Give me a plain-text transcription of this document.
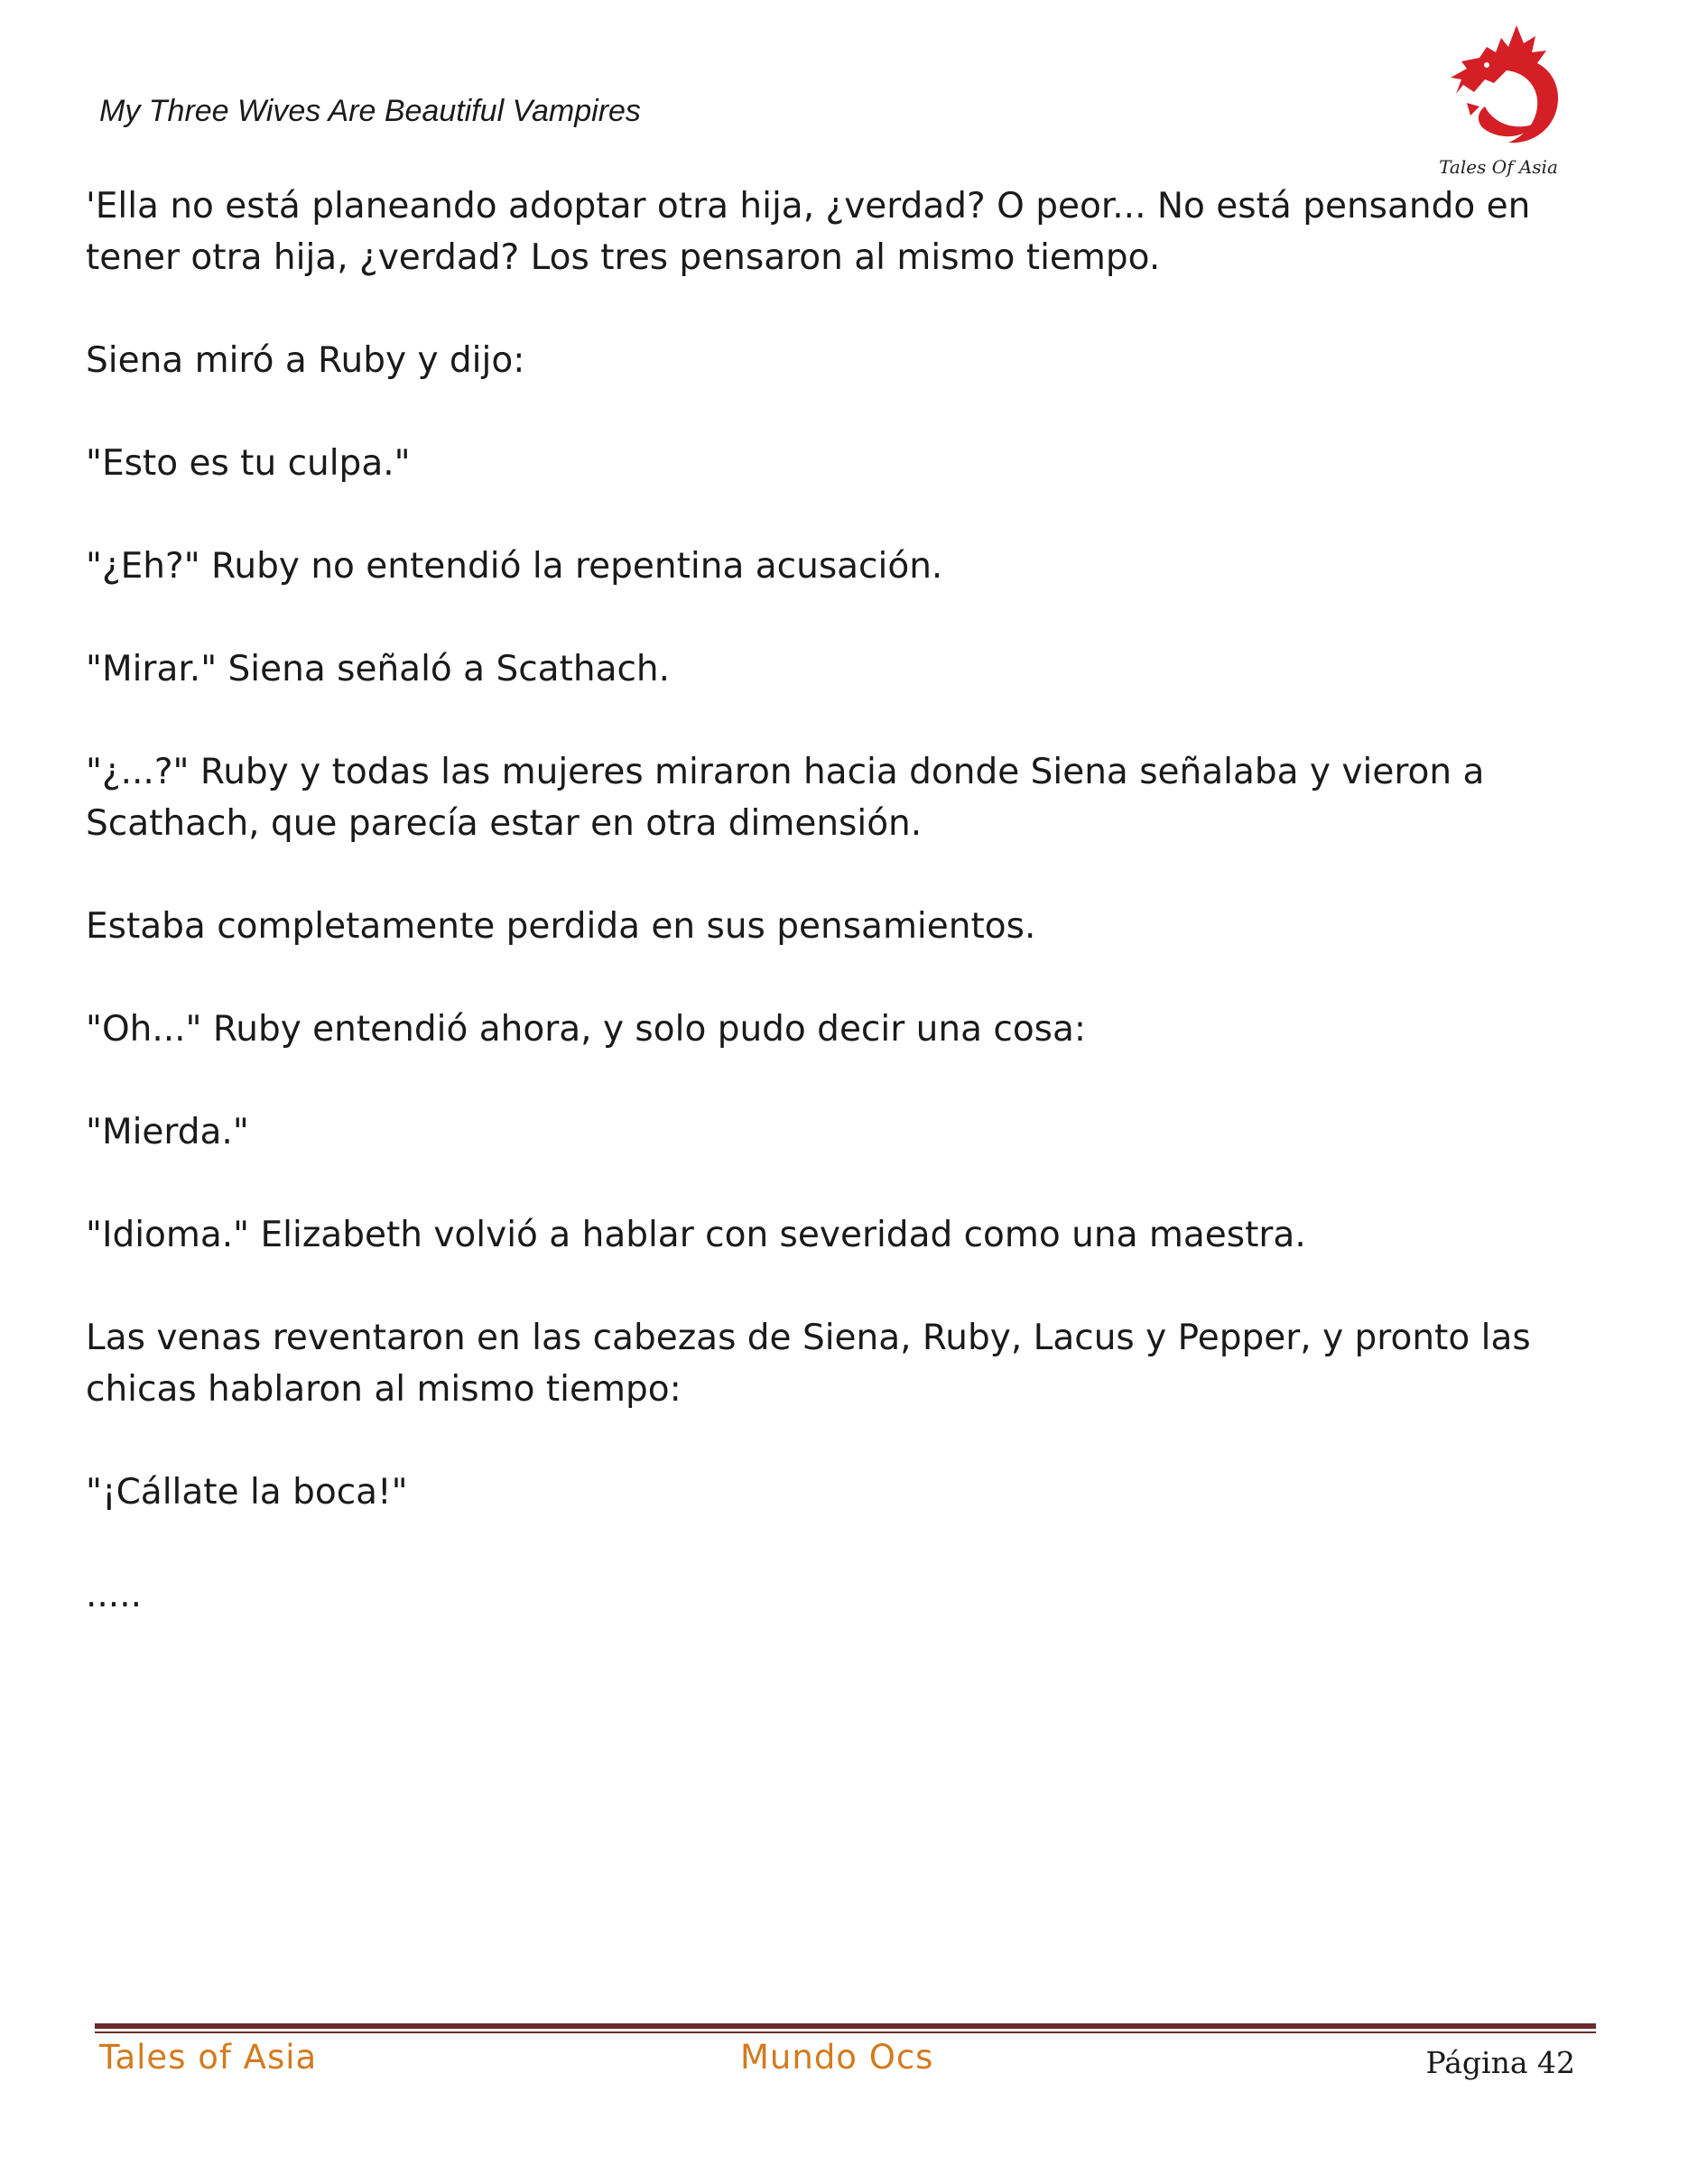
My Three Wives Are Beautiful Vampires
Tales Of Asia

'Ella no está planeando adoptar otra hija, ¿verdad? O peor... No está pensando en tener otra hija, ¿verdad? Los tres pensaron al mismo tiempo.

Siena miró a Ruby y dijo:

"Esto es tu culpa."

"¿Eh?" Ruby no entendió la repentina acusación.

"Mirar." Siena señaló a Scathach.

"¿...?" Ruby y todas las mujeres miraron hacia donde Siena señalaba y vieron a Scathach, que parecía estar en otra dimensión.

Estaba completamente perdida en sus pensamientos.

"Oh..." Ruby entendió ahora, y solo pudo decir una cosa:

"Mierda."

"Idioma." Elizabeth volvió a hablar con severidad como una maestra.

Las venas reventaron en las cabezas de Siena, Ruby, Lacus y Pepper, y pronto las chicas hablaron al mismo tiempo:

"¡Cállate la boca!"

.....

Tales of Asia	Mundo Ocs	Página 42
